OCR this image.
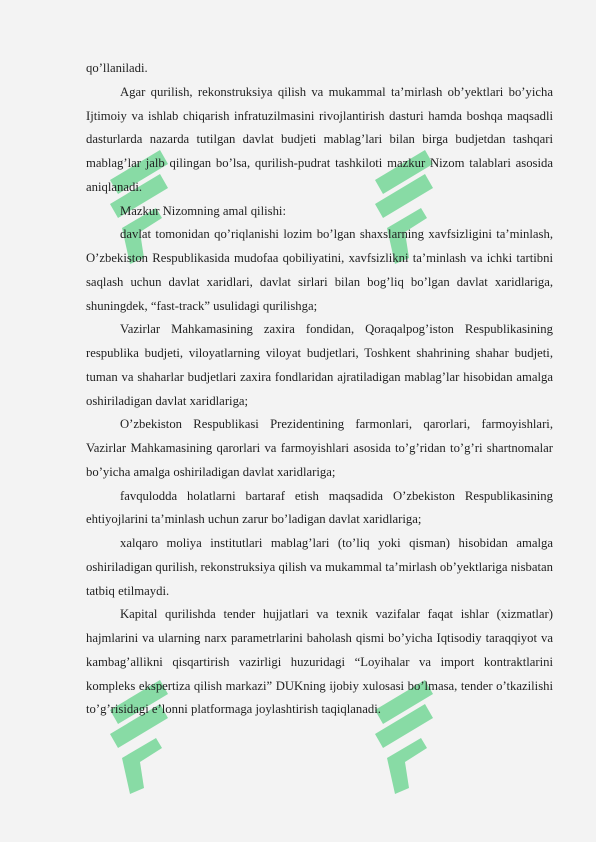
qo’llaniladi.

Agar qurilish, rekonstruksiya qilish va mukammal ta’mirlash ob’yektlari bo’yicha Ijtimoiy va ishlab chiqarish infratuzilmasini rivojlantirish dasturi hamda boshqa maqsadli dasturlarda nazarda tutilgan davlat budjeti mablag’lari bilan birga budjetdan tashqari mablag’lar jalb qilingan bo’lsa, qurilish-pudrat tashkiloti mazkur Nizom talablari asosida aniqlanadi.

Mazkur Nizomning amal qilishi:

davlat tomonidan qo’riqlanishi lozim bo’lgan shaxslarning xavfsizligini ta’minlash, O’zbekiston Respublikasida mudofaa qobiliyatini, xavfsizlikni ta’minlash va ichki tartibni saqlash uchun davlat xaridlari, davlat sirlari bilan bog’liq bo’lgan davlat xaridlariga, shuningdek, “fast-track” usulidagi qurilishga;

Vazirlar Mahkamasining zaxira fondidan, Qoraqalpog’iston Respublikasining respublika budjeti, viloyatlarning viloyat budjetlari, Toshkent shahrining shahar budjeti, tuman va shaharlar budjetlari zaxira fondlaridan ajratiladigan mablag’lar hisobidan amalga oshiriladigan davlat xaridlariga;

O’zbekiston Respublikasi Prezidentining farmonlari, qarorlari, farmoyishlari, Vazirlar Mahkamasining qarorlari va farmoyishlari asosida to’g’ridan to’g’ri shartnomalar bo’yicha amalga oshiriladigan davlat xaridlariga;

favqulodda holatlarni bartaraf etish maqsadida O’zbekiston Respublikasining ehtiyojlarini ta’minlash uchun zarur bo’ladigan davlat xaridlariga;

xalqaro moliya institutlari mablag’lari (to’liq yoki qisman) hisobidan amalga oshiriladigan qurilish, rekonstruksiya qilish va mukammal ta’mirlash ob’yektlariga nisbatan tatbiq etilmaydi.

Kapital qurilishda tender hujjatlari va texnik vazifalar faqat ishlar (xizmatlar) hajmlarini va ularning narx parametrlarini baholash qismi bo’yicha Iqtisodiy taraqqiyot va kambag’allikni qisqartirish vazirligi huzuridagi “Loyihalar va import kontraktlarini kompleks ekspertiza qilish markazi” DUKning ijobiy xulosasi bo’lmasa, tender o’tkazilishi to’g’risidagi e’lonni platformaga joylashtirish taqiqlanadi.
